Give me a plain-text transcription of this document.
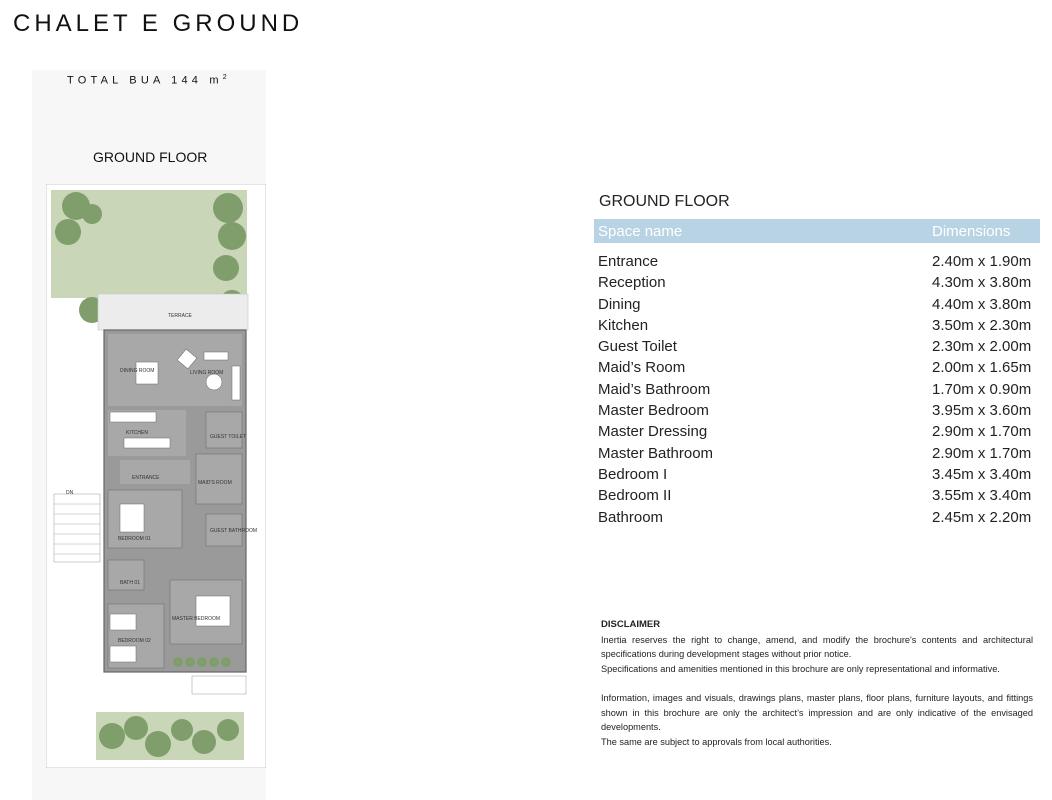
CHALET E GROUND
TOTAL BUA 144 $m^2$
GROUND FLOOR
TERRACE
DINING ROOM	LIVING ROOM
KITCHEN
GUEST TOILET
ENTRANCE
MAID'S ROOM
DN
BEDROOM 01
GUEST BATHROOM
BATH 01
MASTER BEDROOM
BEDROOM 02
GROUND FLOOR
Space name	Dimensions
Entrance	2.40m x 1.90m
Reception	4.30m x 3.80m
Dining	4.40m x 3.80m
Kitchen	3.50m x 2.30m
Guest Toilet	2.30m x 2.00m
Maid’s Room	2.00m x 1.65m
Maid’s Bathroom	1.70m x 0.90m
Master Bedroom	3.95m x 3.60m
Master Dressing	2.90m x 1.70m
Master Bathroom	2.90m x 1.70m
Bedroom I	3.45m x 3.40m
Bedroom II	3.55m x 3.40m
Bathroom	2.45m x 2.20m
DISCLAIMER

Inertia reserves the right to change, amend, and modify the brochure's contents and architectural specifications during development stages without prior notice.

Specifications and amenities mentioned in this brochure are only representational and informative.

Information, images and visuals, drawings plans, master plans, floor plans, furniture layouts, and fittings shown in this brochure are only the architect’s impression and are only indicative of the envisaged developments.

The same are subject to approvals from local authorities.
